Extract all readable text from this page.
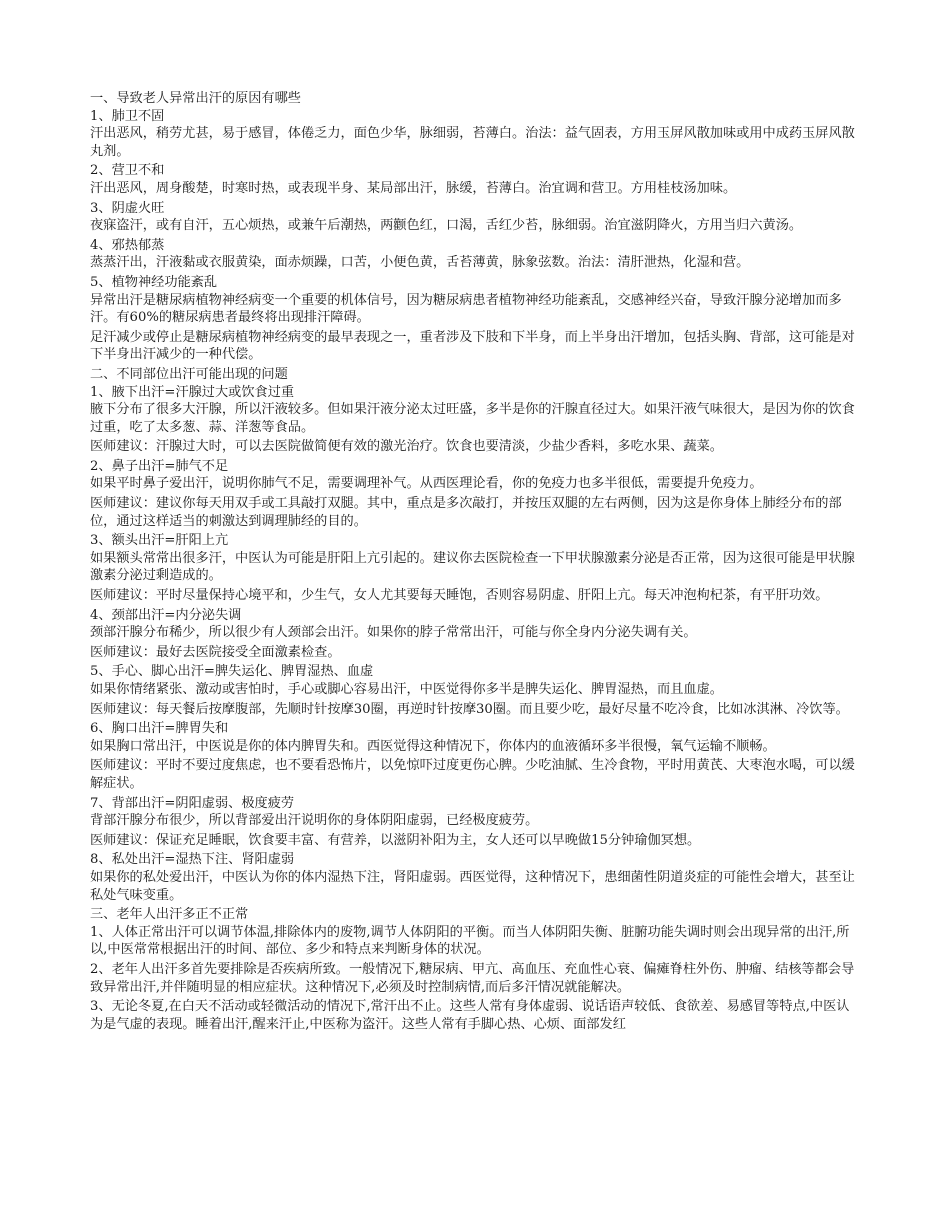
一、导致老人异常出汗的原因有哪些

1、肺卫不固

汗出恶风，稍劳尤甚，易于感冒，体倦乏力，面色少华，脉细弱，苔薄白。治法：益气固表，方用玉屏风散加味或用中成药玉屏风散丸剂。

2、营卫不和

汗出恶风，周身酸楚，时寒时热，或表现半身、某局部出汗，脉缓，苔薄白。治宜调和营卫。方用桂枝汤加味。

3、阴虚火旺

夜寐盗汗，或有自汗，五心烦热，或兼午后潮热，两颧色红，口渴，舌红少苔，脉细弱。治宜滋阴降火，方用当归六黄汤。

4、邪热郁蒸

蒸蒸汗出，汗液黏或衣服黄染，面赤烦躁，口苦，小便色黄，舌苔薄黄，脉象弦数。治法：清肝泄热，化湿和营。

5、植物神经功能紊乱

异常出汗是糖尿病植物神经病变一个重要的机体信号，因为糖尿病患者植物神经功能紊乱，交感神经兴奋，导致汗腺分泌增加而多汗。有60%的糖尿病患者最终将出现排汗障碍。

足汗减少或停止是糖尿病植物神经病变的最早表现之一，重者涉及下肢和下半身，而上半身出汗增加，包括头胸、背部，这可能是对下半身出汗减少的一种代偿。

二、不同部位出汗可能出现的问题

1、腋下出汗=汗腺过大或饮食过重

腋下分布了很多大汗腺，所以汗液较多。但如果汗液分泌太过旺盛，多半是你的汗腺直径过大。如果汗液气味很大，是因为你的饮食过重，吃了太多葱、蒜、洋葱等食品。

医师建议：汗腺过大时，可以去医院做简便有效的激光治疗。饮食也要清淡，少盐少香料，多吃水果、蔬菜。

2、鼻子出汗=肺气不足

如果平时鼻子爱出汗，说明你肺气不足，需要调理补气。从西医理论看，你的免疫力也多半很低，需要提升免疫力。

医师建议：建议你每天用双手或工具敲打双腿。其中，重点是多次敲打，并按压双腿的左右两侧，因为这是你身体上肺经分布的部位，通过这样适当的刺激达到调理肺经的目的。

3、额头出汗=肝阳上亢

如果额头常常出很多汗，中医认为可能是肝阳上亢引起的。建议你去医院检查一下甲状腺激素分泌是否正常，因为这很可能是甲状腺激素分泌过剩造成的。

医师建议：平时尽量保持心境平和，少生气，女人尤其要每天睡饱，否则容易阴虚、肝阳上亢。每天冲泡枸杞茶，有平肝功效。

4、颈部出汗=内分泌失调

颈部汗腺分布稀少，所以很少有人颈部会出汗。如果你的脖子常常出汗，可能与你全身内分泌失调有关。

医师建议：最好去医院接受全面激素检查。

5、手心、脚心出汗=脾失运化、脾胃湿热、血虚

如果你情绪紧张、激动或害怕时，手心或脚心容易出汗，中医觉得你多半是脾失运化、脾胃湿热，而且血虚。

医师建议：每天餐后按摩腹部，先顺时针按摩30圈，再逆时针按摩30圈。而且要少吃，最好尽量不吃冷食，比如冰淇淋、冷饮等。

6、胸口出汗=脾胃失和

如果胸口常出汗，中医说是你的体内脾胃失和。西医觉得这种情况下，你体内的血液循环多半很慢，氧气运输不顺畅。

医师建议：平时不要过度焦虑，也不要看恐怖片，以免惊吓过度更伤心脾。少吃油腻、生冷食物，平时用黄芪、大枣泡水喝，可以缓解症状。

7、背部出汗=阴阳虚弱、极度疲劳

背部汗腺分布很少，所以背部爱出汗说明你的身体阴阳虚弱，已经极度疲劳。

医师建议：保证充足睡眠，饮食要丰富、有营养，以滋阴补阳为主，女人还可以早晚做15分钟瑜伽冥想。

8、私处出汗=湿热下注、肾阳虚弱

如果你的私处爱出汗，中医认为你的体内湿热下注，肾阳虚弱。西医觉得，这种情况下，患细菌性阴道炎症的可能性会增大，甚至让私处气味变重。

三、老年人出汗多正不正常

1、人体正常出汗可以调节体温,排除体内的废物,调节人体阴阳的平衡。而当人体阴阳失衡、脏腑功能失调时则会出现异常的出汗,所以,中医常常根据出汗的时间、部位、多少和特点来判断身体的状况。

2、老年人出汗多首先要排除是否疾病所致。一般情况下,糖尿病、甲亢、高血压、充血性心衰、偏瘫脊柱外伤、肿瘤、结核等都会导致异常出汗,并伴随明显的相应症状。这种情况下,必须及时控制病情,而后多汗情况就能解决。

3、无论冬夏,在白天不活动或轻微活动的情况下,常汗出不止。这些人常有身体虚弱、说话语声较低、食欲差、易感冒等特点,中医认为是气虚的表现。睡着出汗,醒来汗止,中医称为盗汗。这些人常有手脚心热、心烦、面部发红
